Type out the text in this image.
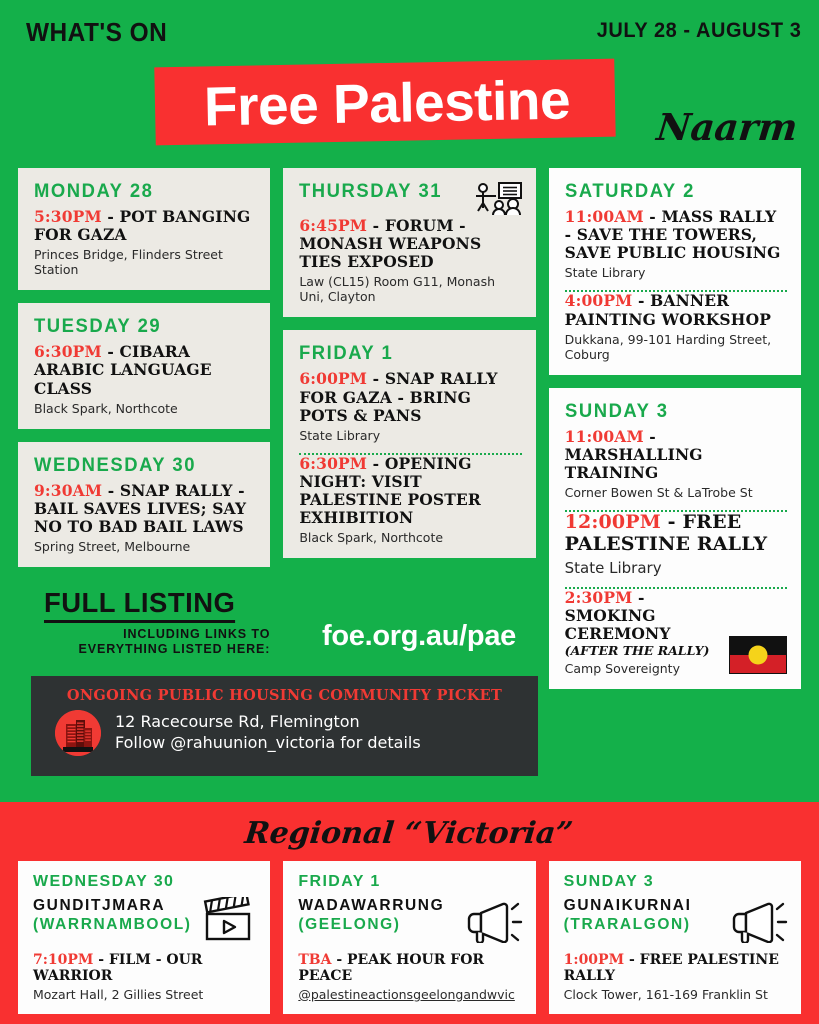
WHAT'S ON	JULY 28 - AUGUST 3
Free Palestine	Naarm
MONDAY 28
5:30PM - POT BANGING FOR GAZA
Princes Bridge, Flinders Street Station
TUESDAY 29
6:30PM - CIBARA ARABIC LANGUAGE CLASS
Black Spark, Northcote
WEDNESDAY 30
9:30AM - SNAP RALLY - BAIL SAVES LIVES; SAY NO TO BAD BAIL LAWS
Spring Street, Melbourne
FULL LISTING
INCLUDING LINKS TO
EVERYTHING LISTED HERE:
THURSDAY 31
6:45PM - FORUM - MONASH WEAPONS TIES EXPOSED
Law (CL15) Room G11, Monash Uni, Clayton
FRIDAY 1
6:00PM - SNAP RALLY FOR GAZA - BRING POTS & PANS
State Library
6:30PM - OPENING NIGHT: VISIT PALESTINE POSTER EXHIBITION
Black Spark, Northcote
SATURDAY 2
11:00AM - MASS RALLY - SAVE THE TOWERS, SAVE PUBLIC HOUSING
State Library
4:00PM - BANNER PAINTING WORKSHOP
Dukkana, 99-101 Harding Street, Coburg
SUNDAY 3
11:00AM - MARSHALLING TRAINING
Corner Bowen St & LaTrobe St
12:00PM - FREE PALESTINE RALLY
State Library
2:30PM - SMOKING CEREMONY
(AFTER THE RALLY)
Camp Sovereignty
foe.org.au/pae
ONGOING PUBLIC HOUSING COMMUNITY PICKET
12 Racecourse Rd, Flemington
Follow @rahuunion_victoria for details
Regional “Victoria”
WEDNESDAY 30
GUNDITJMARA
(WARRNAMBOOL)
7:10PM - FILM - OUR WARRIOR
Mozart Hall, 2 Gillies Street
FRIDAY 1
WADAWARRUNG
(GEELONG)
TBA - PEAK HOUR FOR PEACE
@palestineactionsgeelongandwvic
SUNDAY 3
GUNAIKURNAI
(TRARALGON)
1:00PM - FREE PALESTINE RALLY
Clock Tower, 161-169 Franklin St
